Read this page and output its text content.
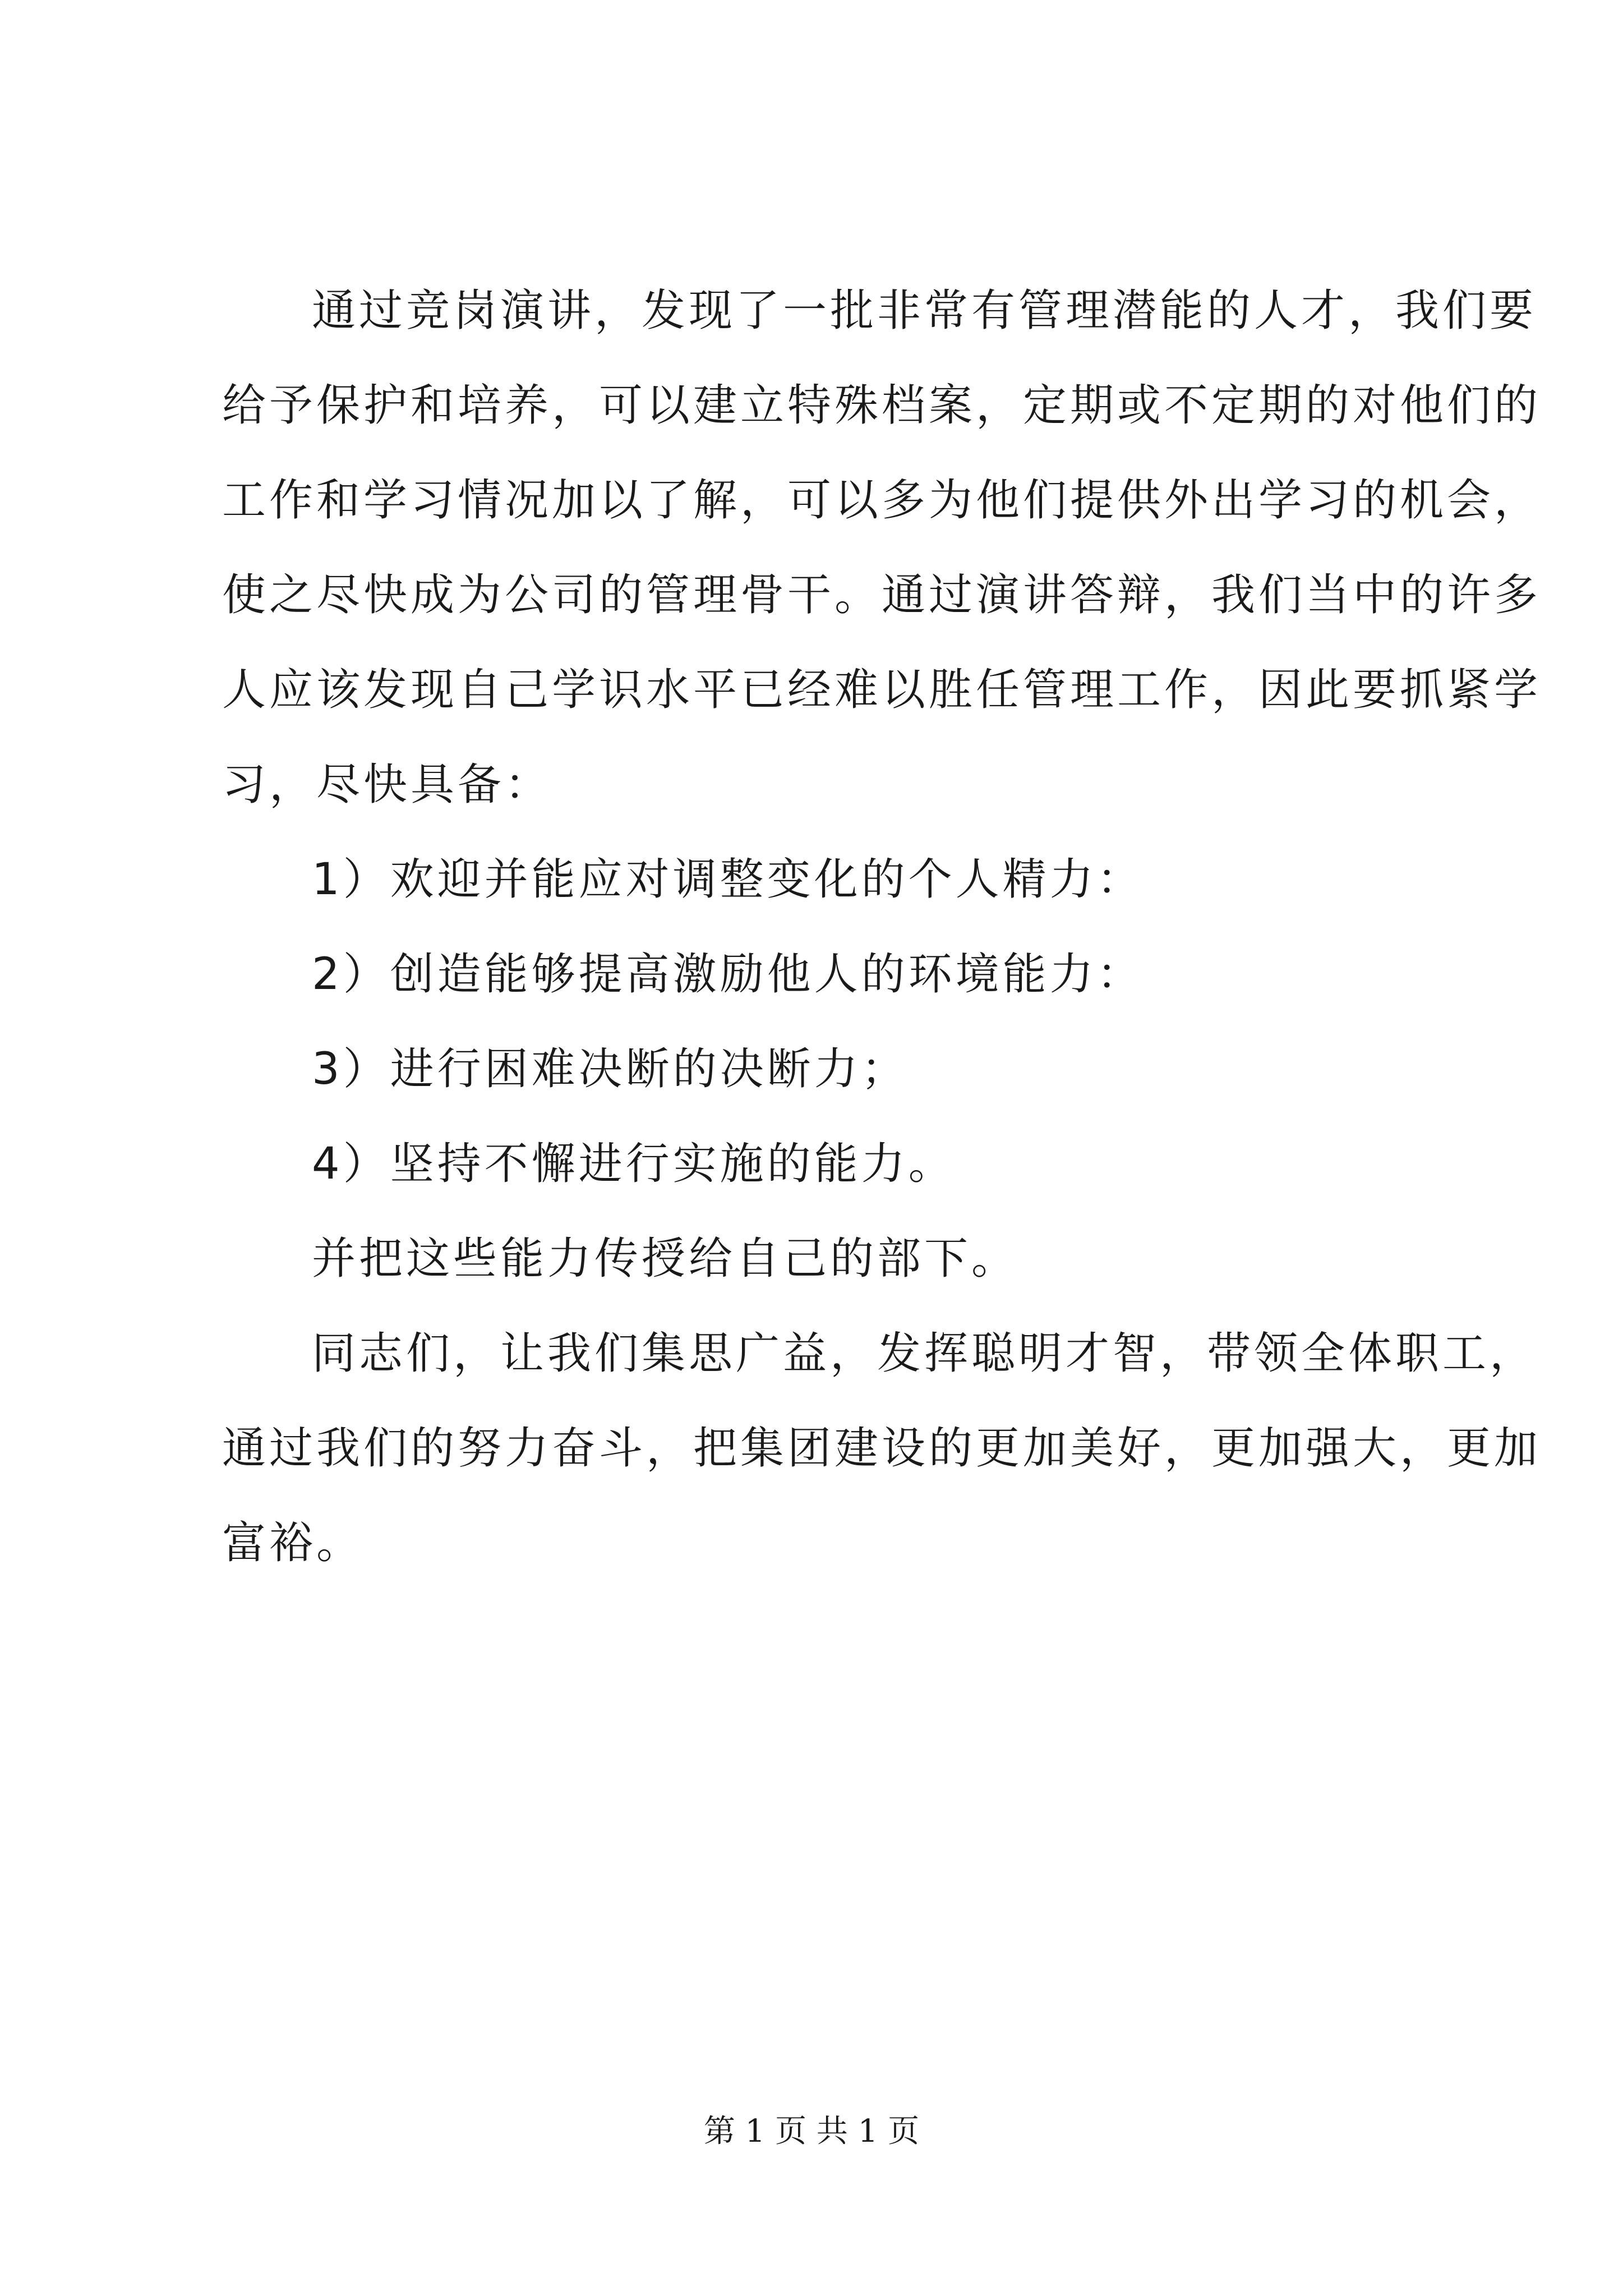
通过竞岗演讲，发现了一批非常有管理潜能的人才，我们要
给予保护和培养，可以建立特殊档案，定期或不定期的对他们的
工作和学习情况加以了解，可以多为他们提供外出学习的机会，
使之尽快成为公司的管理骨干。通过演讲答辩，我们当中的许多
人应该发现自己学识水平已经难以胜任管理工作，因此要抓紧学
习，尽快具备：
1）欢迎并能应对调整变化的个人精力：
2）创造能够提高激励他人的环境能力：
3）进行困难决断的决断力；
4）坚持不懈进行实施的能力。
并把这些能力传授给自己的部下。
同志们，让我们集思广益，发挥聪明才智，带领全体职工，
通过我们的努力奋斗，把集团建设的更加美好，更加强大，更加
富裕。
第 1 页 共 1 页
